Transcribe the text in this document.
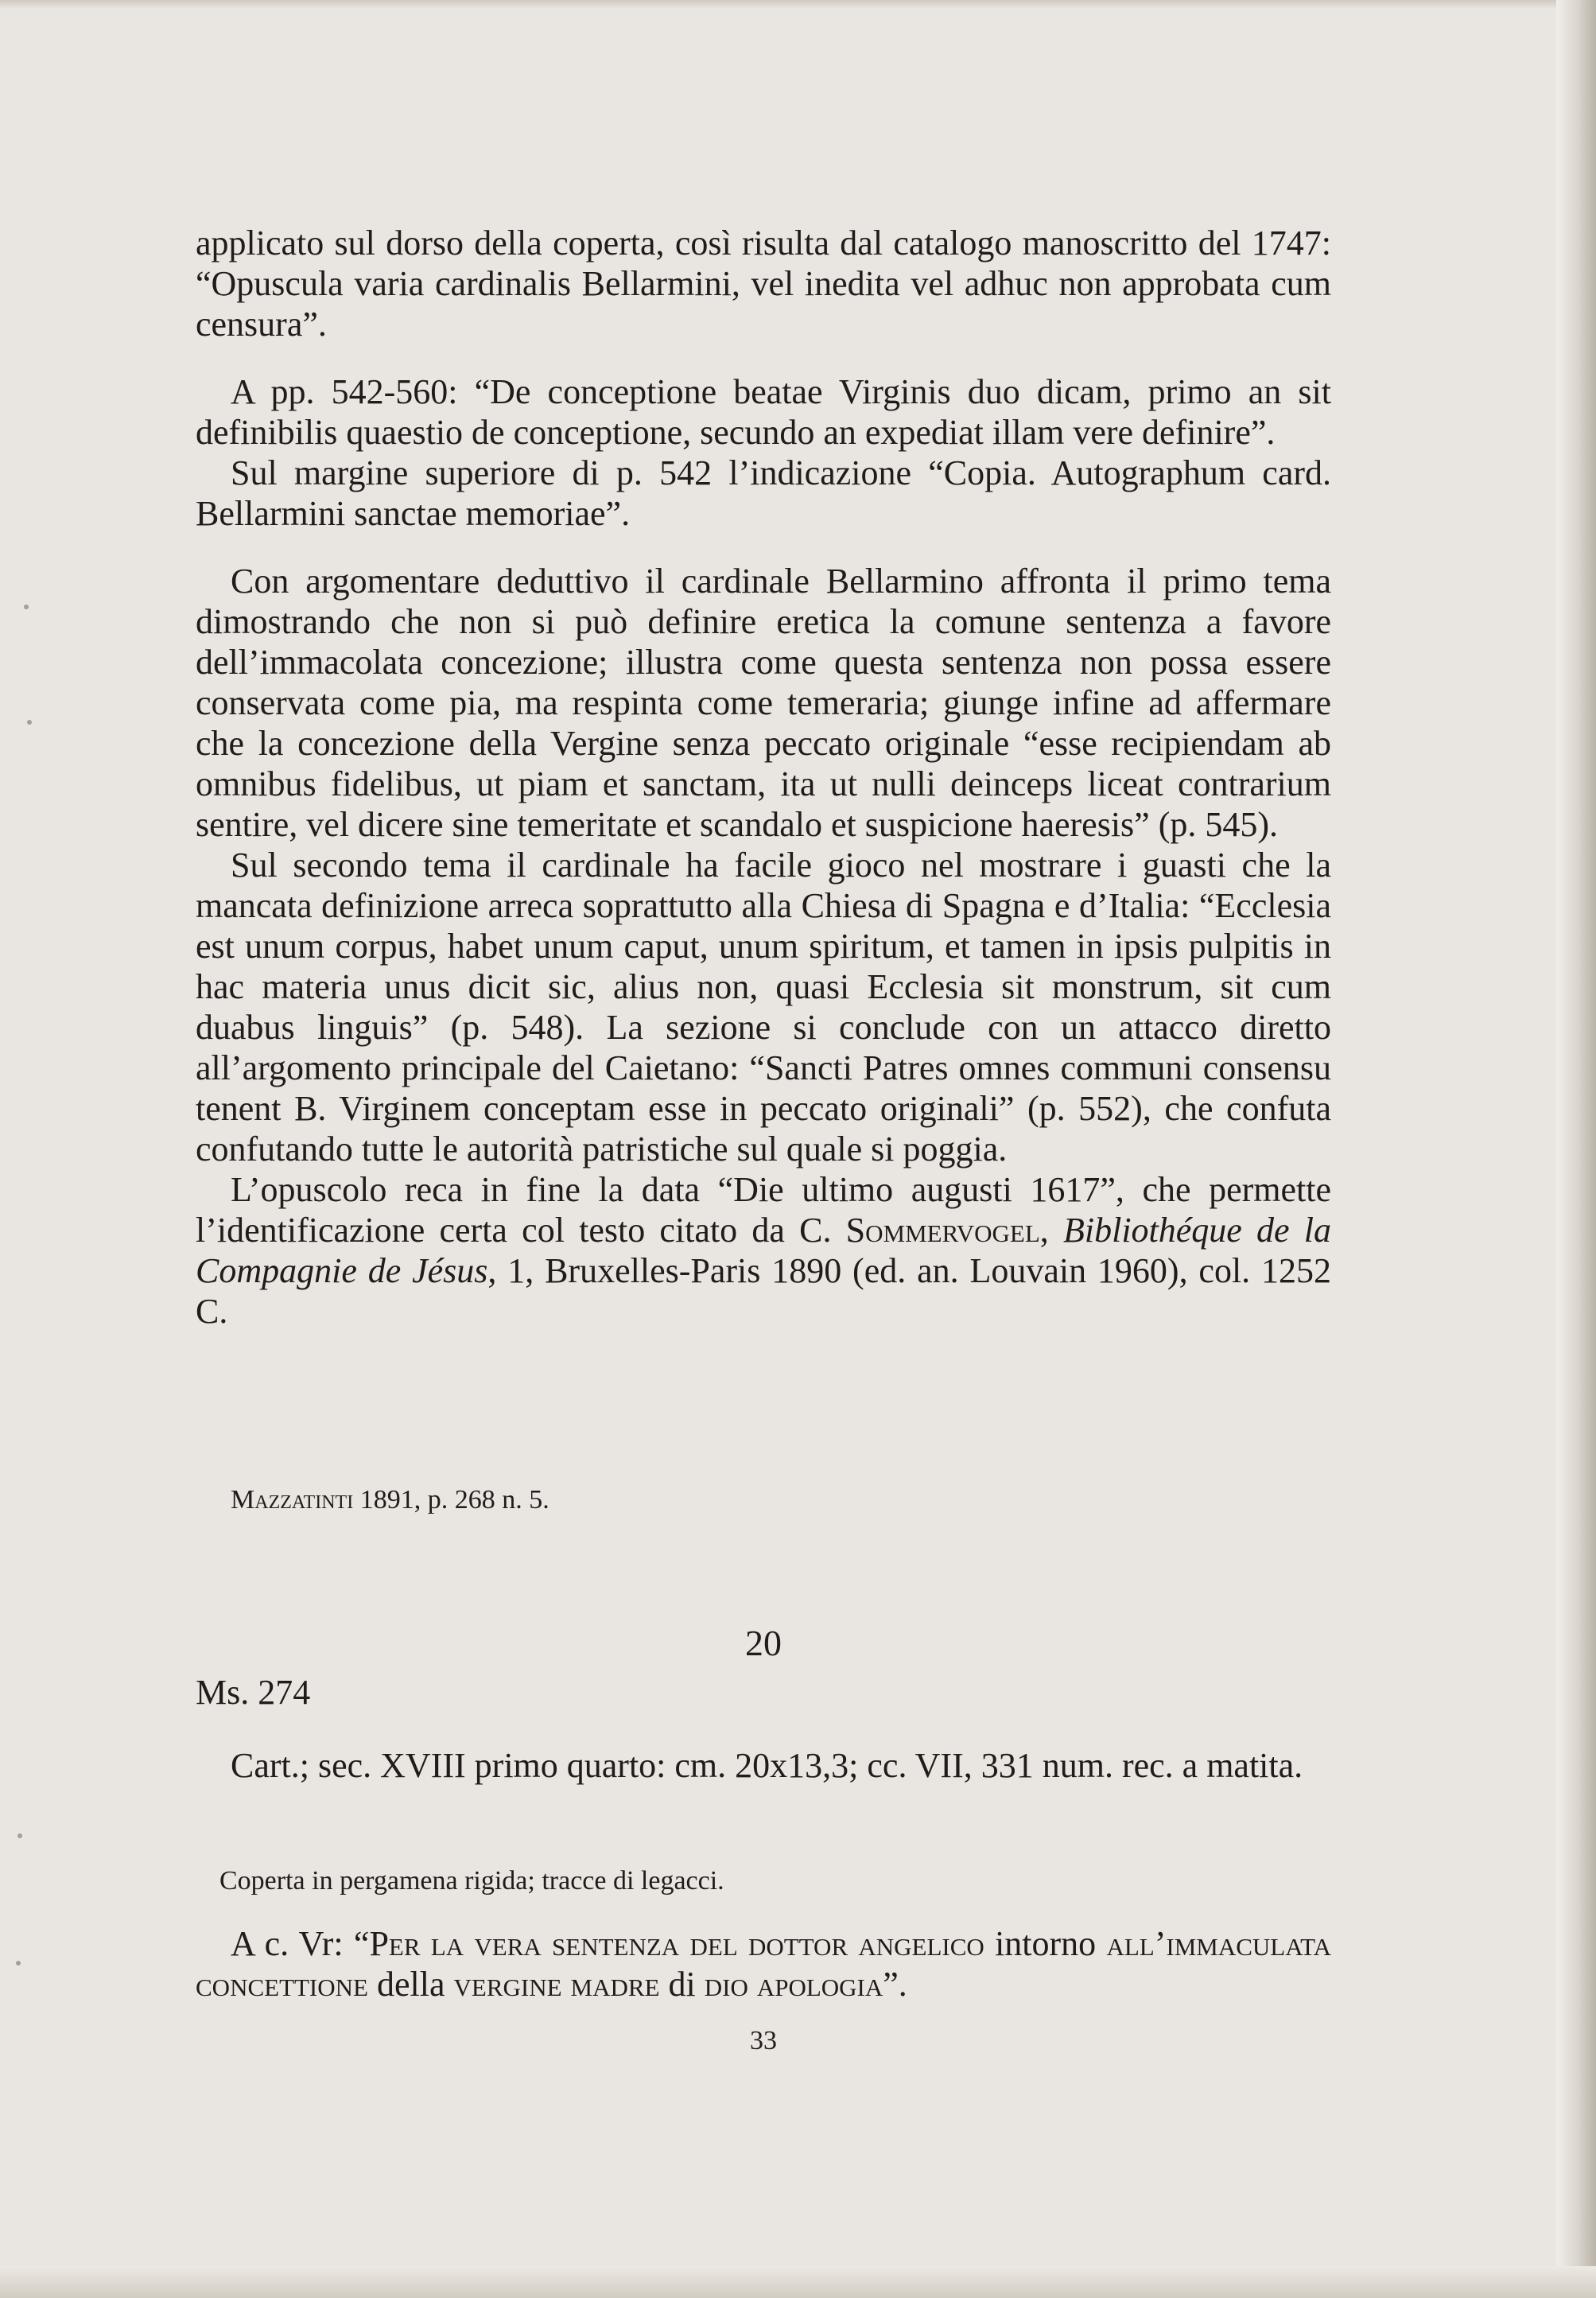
applicato sul dorso della coperta, così risulta dal catalogo manoscritto del 1747: “Opuscula varia cardinalis Bellarmini, vel inedita vel adhuc non approbata cum censura”.

A pp. 542-560: “De conceptione beatae Virginis duo dicam, primo an sit definibilis quaestio de conceptione, secundo an expediat illam vere definire”.

Sul margine superiore di p. 542 l’indicazione “Copia. Autographum card. Bellarmini sanctae memoriae”.

Con argomentare deduttivo il cardinale Bellarmino affronta il primo tema dimostrando che non si può definire eretica la comune sentenza a favore dell’immacolata concezione; illustra come questa sentenza non possa essere conservata come pia, ma respinta come temeraria; giunge infine ad affermare che la concezione della Vergine senza peccato originale “esse recipiendam ab omnibus fidelibus, ut piam et sanctam, ita ut nulli deinceps liceat contrarium sentire, vel dicere sine temeritate et scandalo et suspicione haeresis” (p. 545).

Sul secondo tema il cardinale ha facile gioco nel mostrare i guasti che la mancata definizione arreca soprattutto alla Chiesa di Spagna e d’Italia: “Ecclesia est unum corpus, habet unum caput, unum spiritum, et tamen in ipsis pulpitis in hac materia unus dicit sic, alius non, quasi Ecclesia sit monstrum, sit cum duabus linguis” (p. 548). La sezione si conclude con un attacco diretto all’argomento principale del Caietano: “Sancti Patres omnes communi consensu tenent B. Virginem conceptam esse in peccato originali” (p. 552), che confuta confutando tutte le autorità patristiche sul quale si poggia.

L’opuscolo reca in fine la data “Die ultimo augusti 1617”, che permette l’identificazione certa col testo citato da C. Sommervogel, Bibliothéque de la Compagnie de Jésus, 1, Bruxelles-Paris 1890 (ed. an. Louvain 1960), col. 1252 C.

Mazzatinti 1891, p. 268 n. 5.

20

Ms. 274

Cart.; sec. XVIII primo quarto: cm. 20x13,3; cc. VII, 331 num. rec. a matita.

Coperta in pergamena rigida; tracce di legacci.

A c. Vr: “Per la vera sentenza del dottor angelico intorno all’immaculata concettione della vergine madre di dio apologia”.

33
